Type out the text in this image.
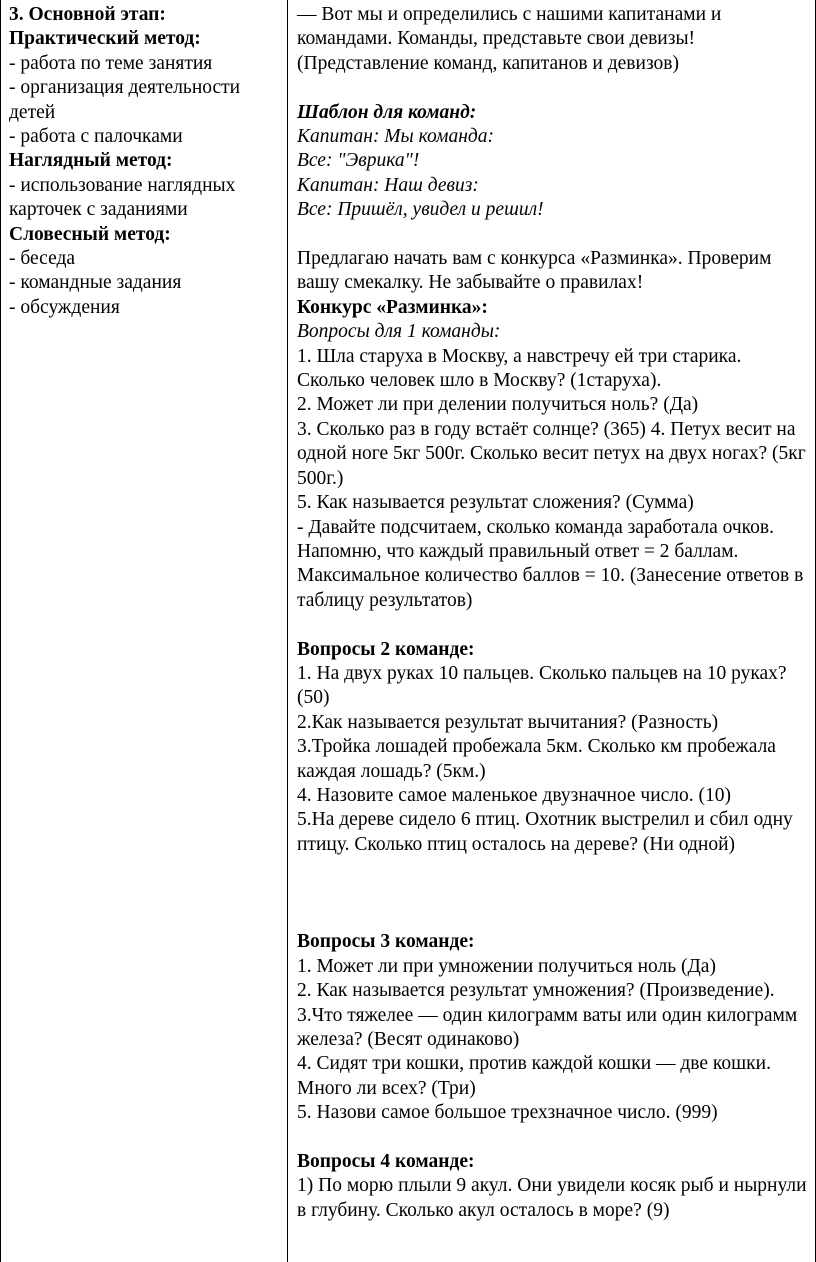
3. Основной этап:
Практический метод:
- работа по теме занятия
- организация деятельности детей
- работа с палочками
Наглядный метод:
- использование наглядных карточек с заданиями
Словесный метод:
- беседа
- командные задания
- обсуждения
— Вот мы и определились с нашими капитанами и командами. Команды, представьте свои девизы! (Представление команд, капитанов и девизов)
Шаблон для команд:
Капитан: Мы команда:
Все: "Эврика"!
Капитан: Наш девиз:
Все: Пришёл, увидел и решил!
Предлагаю начать вам с конкурса «Разминка». Проверим вашу смекалку. Не забывайте о правилах!
Конкурс «Разминка»:
Вопросы для 1 команды:
1. Шла старуха в Москву, а навстречу ей три старика. Сколько человек шло в Москву? (1старуха).
2. Может ли при делении получиться ноль? (Да)
3. Сколько раз в году встаёт солнце? (365) 4. Петух весит на одной ноге 5кг 500г. Сколько весит петух на двух ногах? (5кг 500г.)
5. Как называется результат сложения? (Сумма)
- Давайте подсчитаем, сколько команда заработала очков. Напомню, что каждый правильный ответ = 2 баллам. Максимальное количество баллов = 10. (Занесение ответов в таблицу результатов)
Вопросы 2 команде:
1. На двух руках 10 пальцев. Сколько пальцев на 10 руках? (50)
2.Как называется результат вычитания? (Разность)
3.Тройка лошадей пробежала 5км. Сколько км пробежала каждая лошадь? (5км.)
4. Назовите самое маленькое двузначное число. (10)
5.На дереве сидело 6 птиц. Охотник выстрелил и сбил одну птицу. Сколько птиц осталось на дереве? (Ни одной)
Вопросы 3 команде:
1. Может ли при умножении получиться ноль (Да)
2. Как называется результат умножения? (Произведение).
3.Что тяжелее — один килограмм ваты или один килограмм железа? (Весят одинаково)
4. Сидят три кошки, против каждой кошки — две кошки. Много ли всех? (Три)
5. Назови самое большое трехзначное число. (999)
Вопросы 4 команде:
1) По морю плыли 9 акул. Они увидели косяк рыб и нырнули в глубину. Сколько акул осталось в море? (9)
